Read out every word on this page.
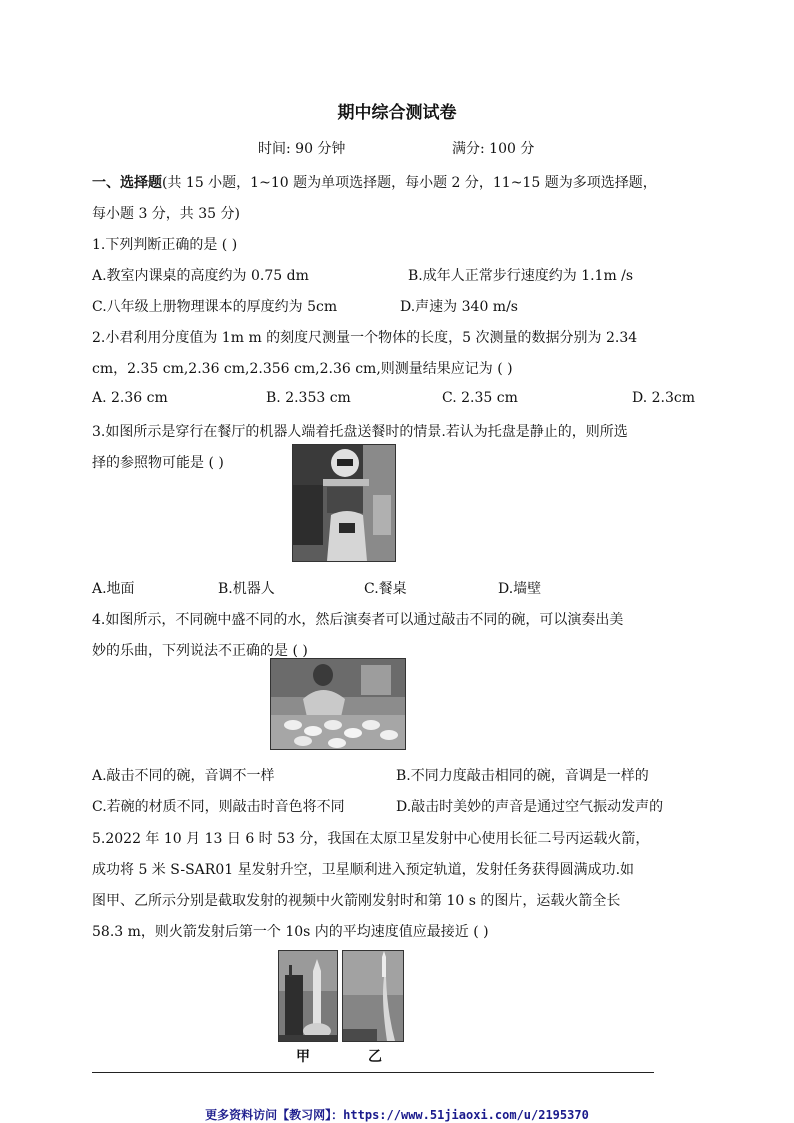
期中综合测试卷
时间: 90 分钟	满分: 100 分
一、选择题(共 15 小题，1~10 题为单项选择题，每小题 2 分，11~15 题为多项选择题，
每小题 3 分，共 35 分)
1.下列判断正确的是 ( )
A.教室内课桌的高度约为 0.75 dm	B.成年人正常步行速度约为 1.1m /s
C.八年级上册物理课本的厚度约为 5cm	D.声速为 340 m/s
2.小君利用分度值为 1m m 的刻度尺测量一个物体的长度，5 次测量的数据分别为 2.34
cm，2.35 cm,2.36 cm,2.356 cm,2.36 cm,则测量结果应记为 ( )
A. 2.36 cm	B. 2.353 cm	C. 2.35 cm	D. 2.3cm
3.如图所示是穿行在餐厅的机器人端着托盘送餐时的情景.若认为托盘是静止的，则所选
择的参照物可能是 ( )
A.地面	B.机器人	C.餐桌	D.墙壁
4.如图所示，不同碗中盛不同的水，然后演奏者可以通过敲击不同的碗，可以演奏出美
妙的乐曲，下列说法不正确的是 ( )
A.敲击不同的碗，音调不一样	B.不同力度敲击相同的碗，音调是一样的
C.若碗的材质不同，则敲击时音色将不同	D.敲击时美妙的声音是通过空气振动发声的
5.2022 年 10 月 13 日 6 时 53 分，我国在太原卫星发射中心使用长征二号丙运载火箭，
成功将 5 米 S-SAR01 星发射升空，卫星顺利进入预定轨道，发射任务获得圆满成功.如
图甲、乙所示分别是截取发射的视频中火箭刚发射时和第 10 s 的图片，运载火箭全长
58.3 m，则火箭发射后第一个 10s 内的平均速度值应最接近 ( )
甲	乙
更多资料访问【教习网】：https://www.51jiaoxi.com/u/2195370
